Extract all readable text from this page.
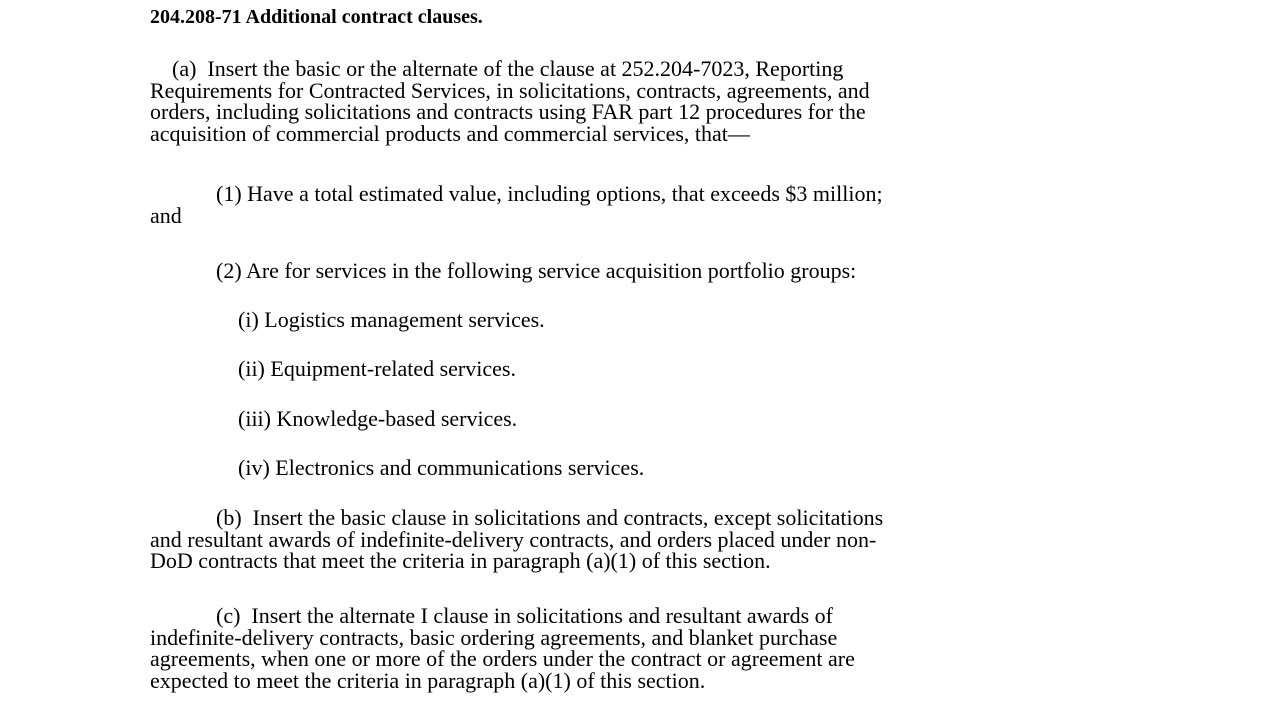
204.208-71 Additional contract clauses.
(a)  Insert the basic or the alternate of the clause at 252.204-7023, Reporting
Requirements for Contracted Services, in solicitations, contracts, agreements, and
orders, including solicitations and contracts using FAR part 12 procedures for the
acquisition of commercial products and commercial services, that—
(1) Have a total estimated value, including options, that exceeds $3 million;
and
(2) Are for services in the following service acquisition portfolio groups:
(i) Logistics management services.
(ii) Equipment-related services.
(iii) Knowledge-based services.
(iv) Electronics and communications services.
(b)  Insert the basic clause in solicitations and contracts, except solicitations
and resultant awards of indefinite-delivery contracts, and orders placed under non-
DoD contracts that meet the criteria in paragraph (a)(1) of this section.
(c)  Insert the alternate I clause in solicitations and resultant awards of
indefinite-delivery contracts, basic ordering agreements, and blanket purchase
agreements, when one or more of the orders under the contract or agreement are
expected to meet the criteria in paragraph (a)(1) of this section.
